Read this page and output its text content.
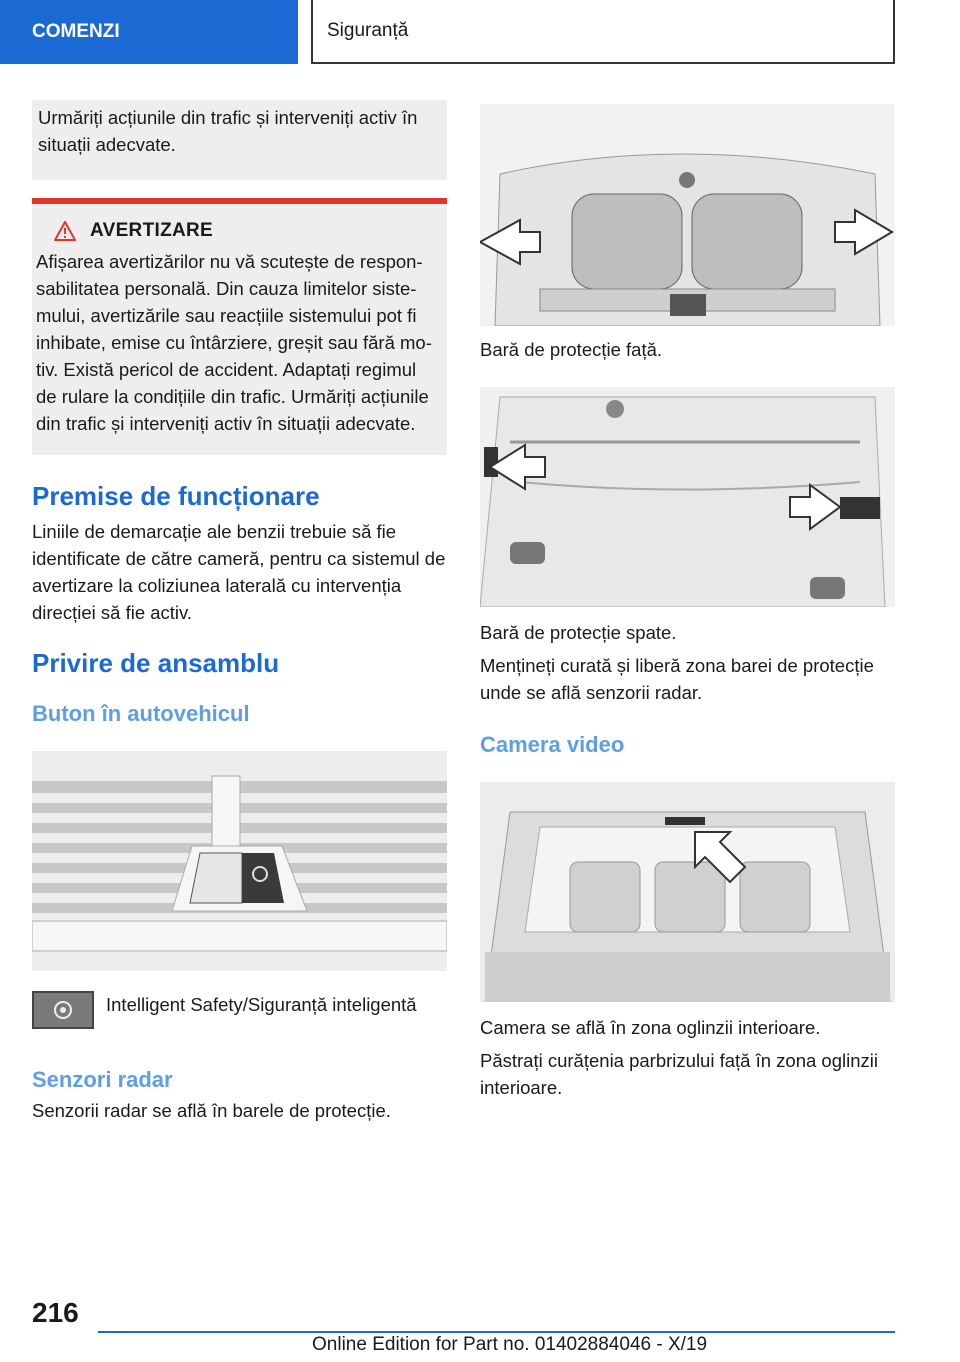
COMENZI	Siguranță
Urmăriți acțiunile din trafic și interveniți activ în situații adecvate.
AVERTIZARE
Afișarea avertizărilor nu vă scutește de responsabilitatea personală. Din cauza limitelor sistemului, avertizările sau reacțiile sistemului pot fi inhibate, emise cu întârziere, greșit sau fără motiv. Există pericol de accident. Adaptați regimul de rulare la condițiile din trafic. Urmăriți acțiunile din trafic și interveniți activ în situații adecvate.
Premise de funcționare

Liniile de demarcație ale benzii trebuie să fie identificate de către cameră, pentru ca sistemul de avertizare la coliziunea laterală cu intervenția direcției să fie activ.

Privire de ansamblu
Buton în autovehicul
Intelligent Safety/Siguranță inteligentă
Senzori radar

Senzorii radar se află în barele de protecție.

Bară de protecție față.

Bară de protecție spate.

Mențineți curată și liberă zona barei de protecție unde se află senzorii radar.

Camera video

Camera se află în zona oglinzii interioare.

Păstrați curățenia parbrizului față în zona oglinzii interioare.

216
Online Edition for Part no. 01402884046 - X/19
